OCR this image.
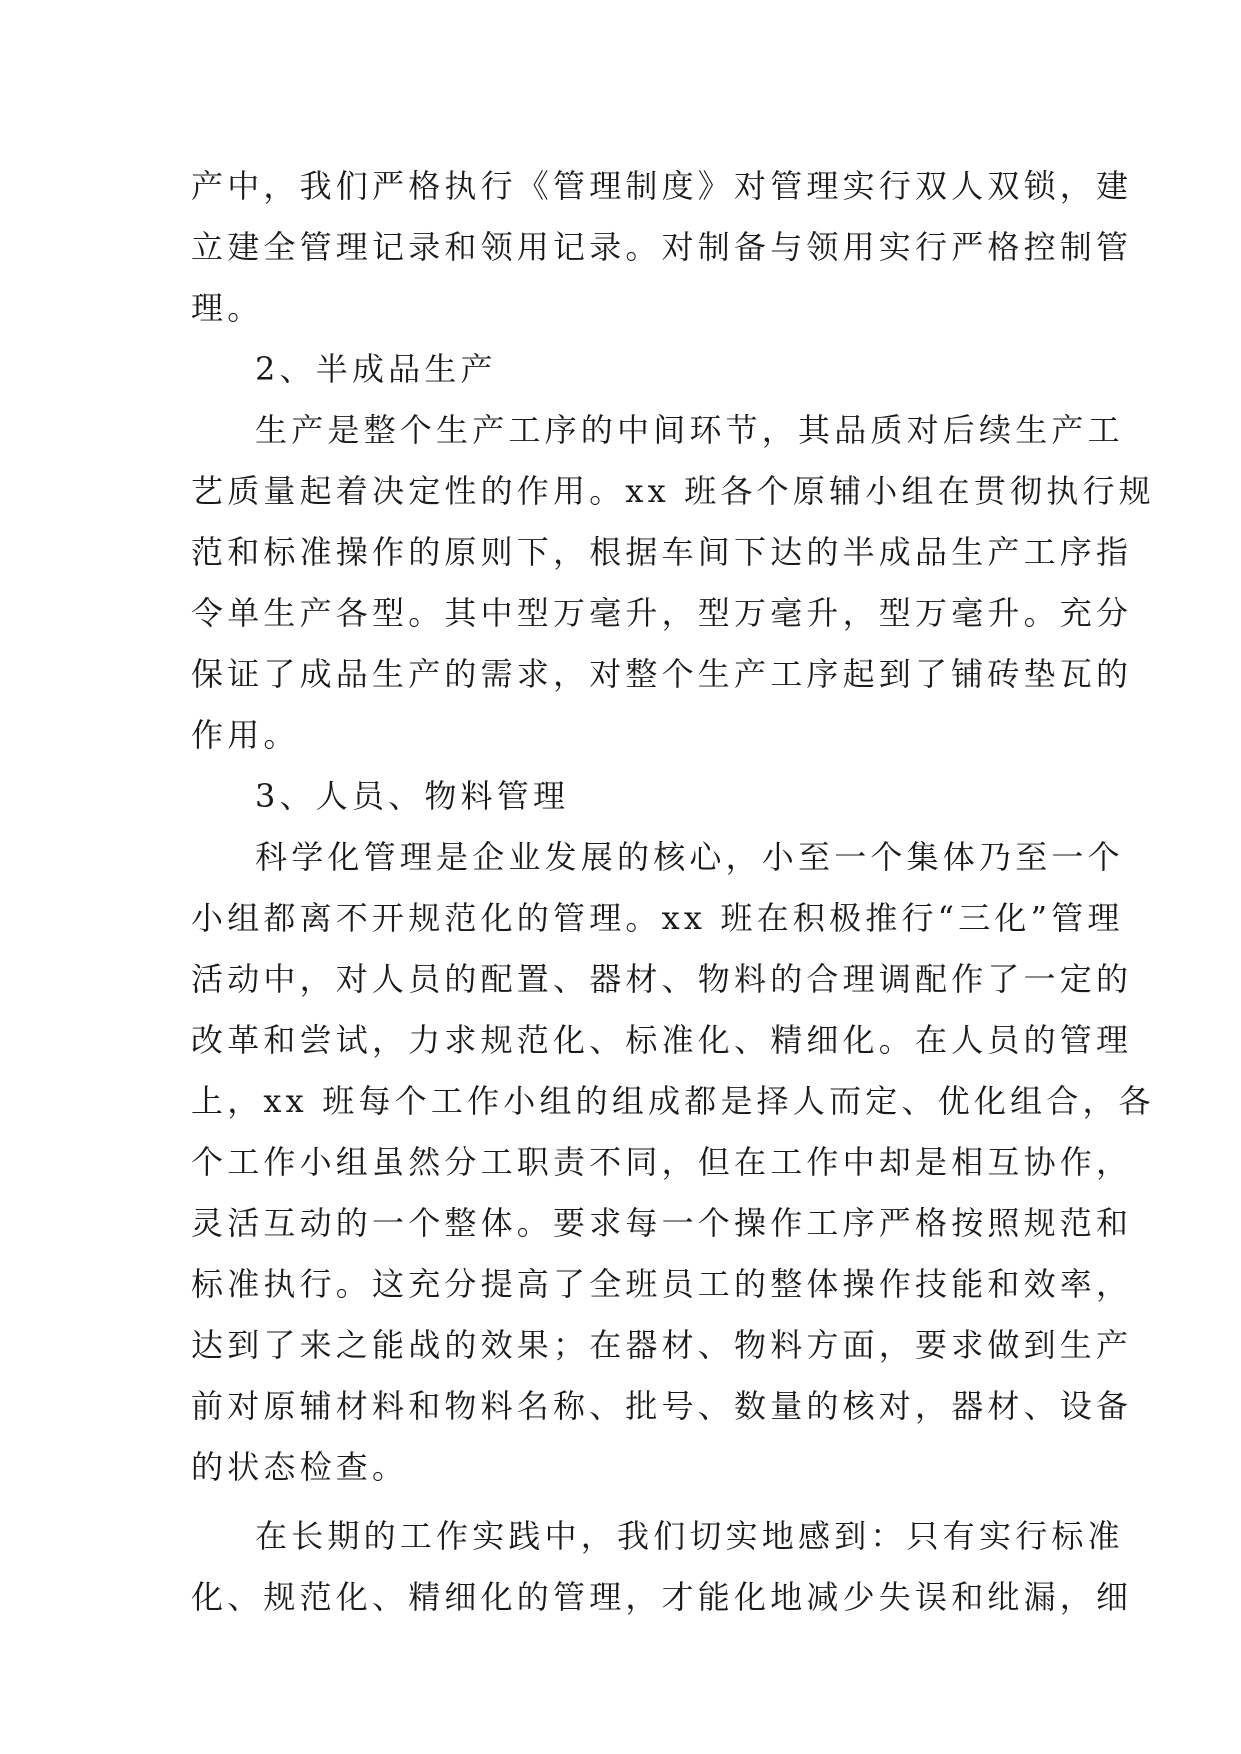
产中，我们严格执行《管理制度》对管理实行双人双锁，建
立建全管理记录和领用记录。对制备与领用实行严格控制管
理。
2、半成品生产
生产是整个生产工序的中间环节，其品质对后续生产工
艺质量起着决定性的作用。xx 班各个原辅小组在贯彻执行规
范和标准操作的原则下，根据车间下达的半成品生产工序指
令单生产各型。其中型万毫升，型万毫升，型万毫升。充分
保证了成品生产的需求，对整个生产工序起到了铺砖垫瓦的
作用。
3、人员、物料管理
科学化管理是企业发展的核心，小至一个集体乃至一个
小组都离不开规范化的管理。xx 班在积极推行“三化”管理
活动中，对人员的配置、器材、物料的合理调配作了一定的
改革和尝试，力求规范化、标准化、精细化。在人员的管理
上，xx 班每个工作小组的组成都是择人而定、优化组合，各
个工作小组虽然分工职责不同，但在工作中却是相互协作，
灵活互动的一个整体。要求每一个操作工序严格按照规范和
标准执行。这充分提高了全班员工的整体操作技能和效率，
达到了来之能战的效果；在器材、物料方面，要求做到生产
前对原辅材料和物料名称、批号、数量的核对，器材、设备
的状态检查。
在长期的工作实践中，我们切实地感到：只有实行标准
化、规范化、精细化的管理，才能化地减少失误和纰漏，细
